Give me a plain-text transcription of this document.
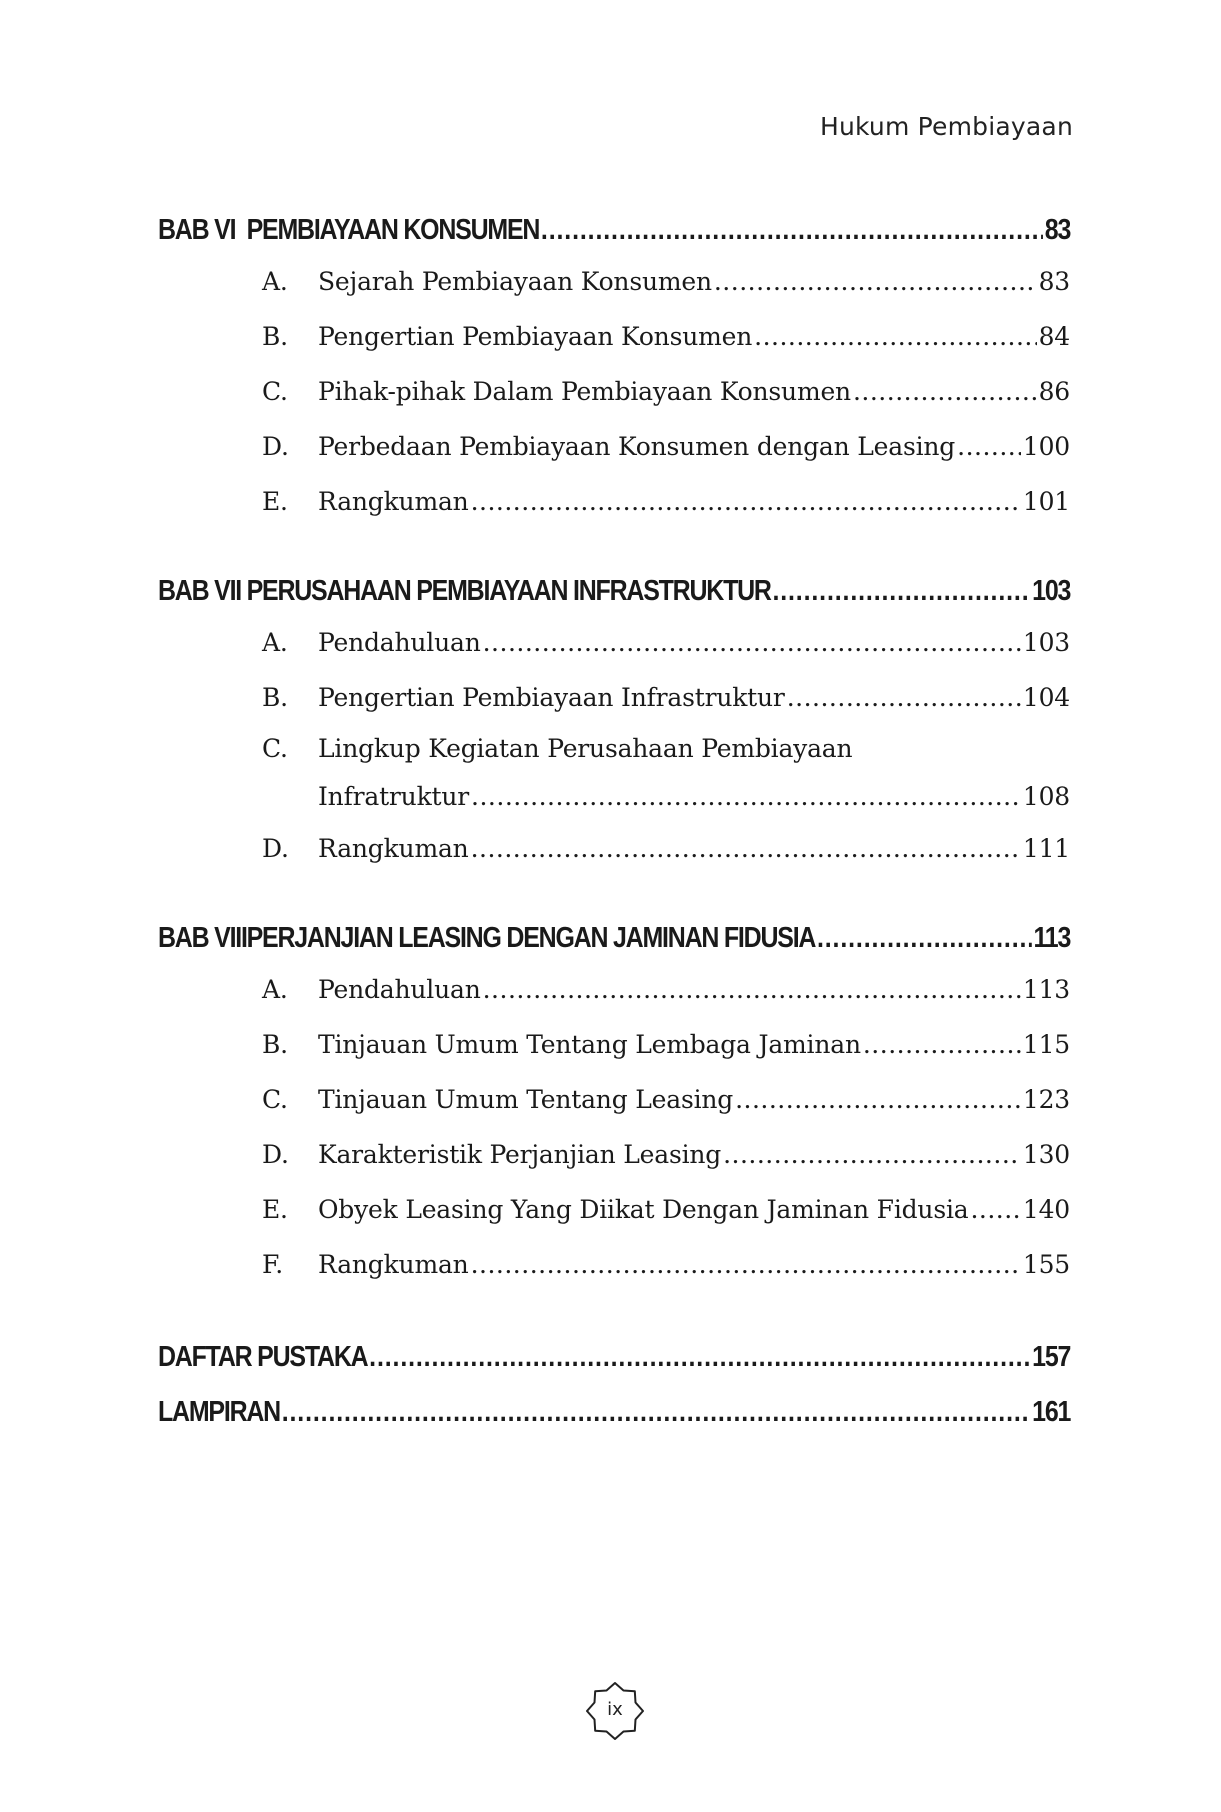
Hukum Pembiayaan
BAB VI PEMBIAYAAN KONSUMEN .....	83
A.	Sejarah Pembiayaan Konsumen .....	83
B.	Pengertian Pembiayaan Konsumen .....	84
C.	Pihak-pihak Dalam Pembiayaan Konsumen .....	86
D.	Perbedaan Pembiayaan Konsumen dengan Leasing .....	100
E.	Rangkuman .....	101
BAB VII PERUSAHAAN PEMBIAYAAN INFRASTRUKTUR .....	103
A.	Pendahuluan .....	103
B.	Pengertian Pembiayaan Infrastruktur .....	104
C.	Lingkup Kegiatan Perusahaan Pembiayaan
Infratruktur .....	108
D.	Rangkuman .....	111
BAB VIII PERJANJIAN LEASING DENGAN JAMINAN FIDUSIA .....	113
A.	Pendahuluan .....	113
B.	Tinjauan Umum Tentang Lembaga Jaminan .....	115
C.	Tinjauan Umum Tentang Leasing .....	123
D.	Karakteristik Perjanjian Leasing .....	130
E.	Obyek Leasing Yang Diikat Dengan Jaminan Fidusia ..... 140
F.	Rangkuman .....	155
DAFTAR PUSTAKA .....	157
LAMPIRAN .....	161
ix
